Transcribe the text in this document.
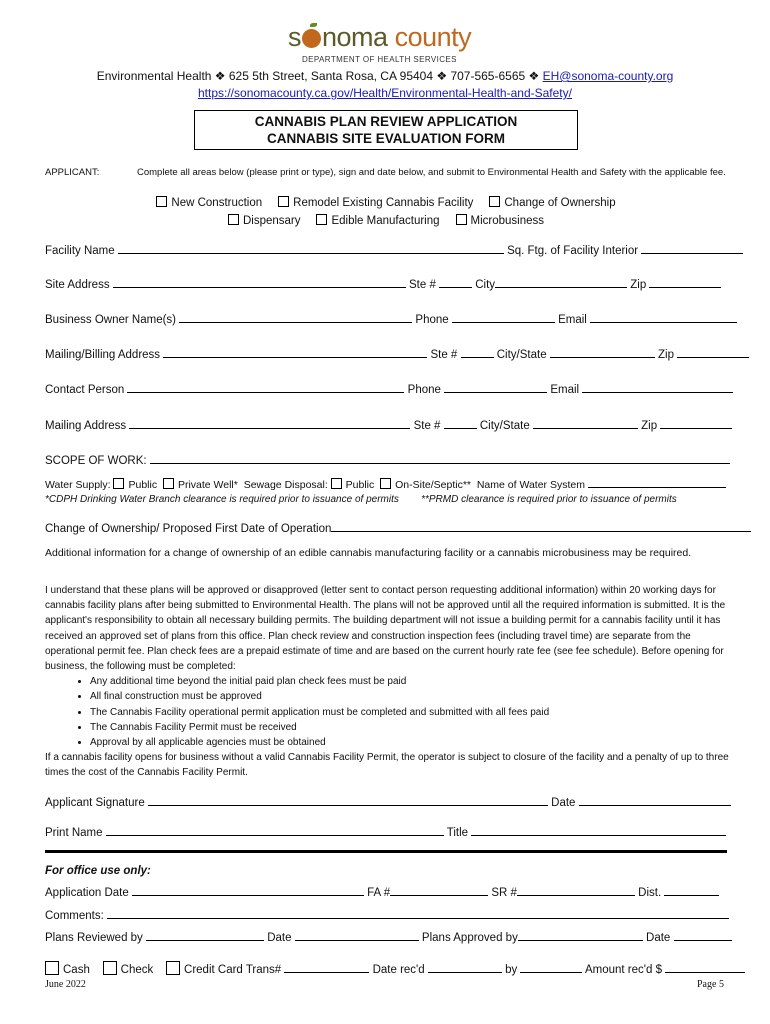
s noma county
DEPARTMENT OF HEALTH SERVICES
Environmental Health ❖ 625 5th Street, Santa Rosa, CA 95404 ❖ 707-565-6565 ❖ EH@sonoma-county.org
https://sonomacounty.ca.gov/Health/Environmental-Health-and-Safety/
CANNABIS PLAN REVIEW APPLICATION
CANNABIS SITE EVALUATION FORM
APPLICANT:	Complete all areas below (please print or type), sign and date below, and submit to Environmental Health and Safety with the applicable fee.
New Construction	Remodel Existing Cannabis Facility	Change of Ownership
Dispensary	Edible Manufacturing	Microbusiness
Facility Name	Sq. Ftg. of Facility Interior
Site Address	Ste #	City	Zip
Business Owner Name(s)	Phone	Email
Mailing/Billing Address	Ste #	City/State	Zip
Contact Person	Phone	Email
Mailing Address	Ste #	City/State	Zip
SCOPE OF WORK:
Water Supply: Public Private Well* Sewage Disposal: Public On-Site/Septic** Name of Water System
*CDPH Drinking Water Branch clearance is required prior to issuance of permits **PRMD clearance is required prior to issuance of permits
Change of Ownership/ Proposed First Date of Operation
Additional information for a change of ownership of an edible cannabis manufacturing facility or a cannabis microbusiness may be required.
I understand that these plans will be approved or disapproved (letter sent to contact person requesting additional information) within 20 working days for cannabis facility plans after being submitted to Environmental Health. The plans will not be approved until all the required information is submitted. It is the applicant's responsibility to obtain all necessary building permits. The building department will not issue a building permit for a cannabis facility until it has received an approved set of plans from this office. Plan check review and construction inspection fees (including travel time) are separate from the operational permit fee. Plan check fees are a prepaid estimate of time and are based on the current hourly rate fee (see fee schedule). Before opening for business, the following must be completed:
• Any additional time beyond the initial paid plan check fees must be paid
• All final construction must be approved
• The Cannabis Facility operational permit application must be completed and submitted with all fees paid
• The Cannabis Facility Permit must be received
• Approval by all applicable agencies must be obtained
If a cannabis facility opens for business without a valid Cannabis Facility Permit, the operator is subject to closure of the facility and a penalty of up to three times the cost of the Cannabis Facility Permit.
Applicant Signature	Date
Print Name	Title
For office use only:
Application Date	FA #	SR #	Dist.
Comments:
Plans Reviewed by	Date	Plans Approved by	Date
Cash	Check	Credit Card Trans#	Date rec'd	by	Amount rec'd $
June 2022	Page 5
